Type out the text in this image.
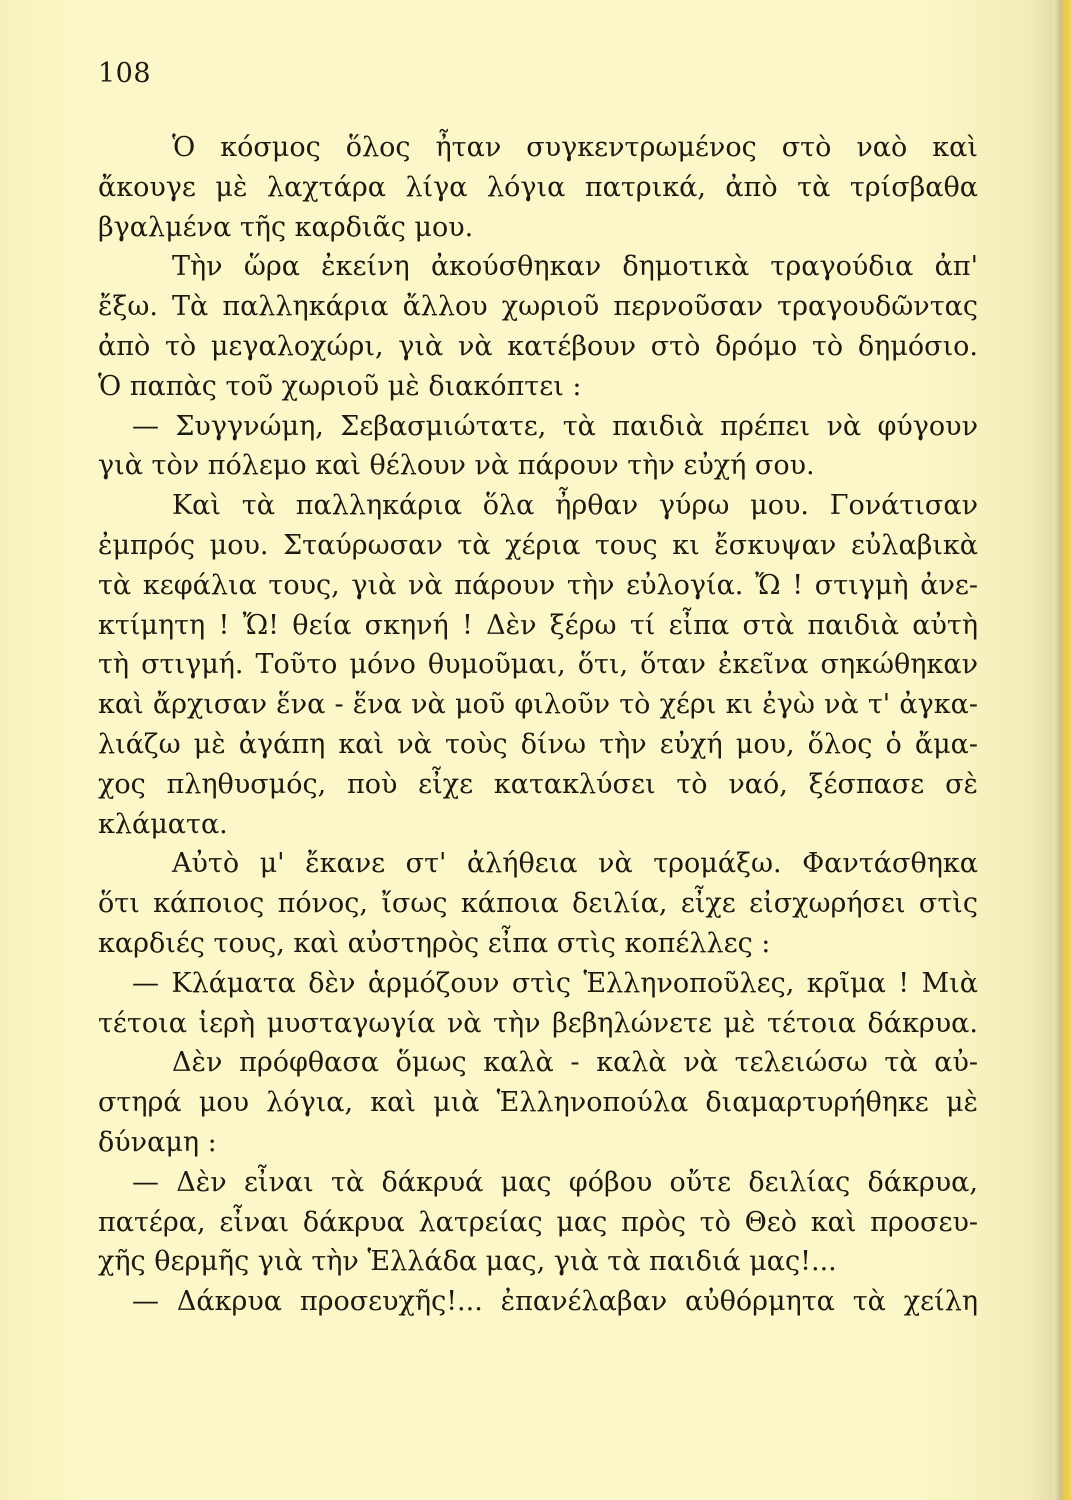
108
Ὁ κόσμος ὅλος ἦταν συγκεντρωμένος στὸ ναὸ καὶ
ἄκουγε μὲ λαχτάρα λίγα λόγια πατρικά, ἀπὸ τὰ τρίσβαθα
βγαλμένα τῆς καρδιᾶς μου.
Τὴν ὥρα ἐκείνη ἀκούσθηκαν δημοτικὰ τραγούδια ἀπ'
ἔξω. Τὰ παλληκάρια ἄλλου χωριοῦ περνοῦσαν τραγουδῶντας
ἀπὸ τὸ μεγαλοχώρι, γιὰ νὰ κατέβουν στὸ δρόμο τὸ δημόσιο.
Ὁ παπὰς τοῦ χωριοῦ μὲ διακόπτει :
— Συγγνώμη, Σεβασμιώτατε, τὰ παιδιὰ πρέπει νὰ φύγουν
γιὰ τὸν πόλεμο καὶ θέλουν νὰ πάρουν τὴν εὐχή σου.
Καὶ τὰ παλληκάρια ὅλα ἦρθαν γύρω μου. Γονάτισαν
ἐμπρός μου. Σταύρωσαν τὰ χέρια τους κι ἔσκυψαν εὐλαβικὰ
τὰ κεφάλια τους, γιὰ νὰ πάρουν τὴν εὐλογία. Ὤ ! στιγμὴ ἀνε-
κτίμητη ! Ὤ! θεία σκηνή ! Δὲν ξέρω τί εἶπα στὰ παιδιὰ αὐτὴ
τὴ στιγμή. Τοῦτο μόνο θυμοῦμαι, ὅτι, ὅταν ἐκεῖνα σηκώθηκαν
καὶ ἄρχισαν ἕνα - ἕνα νὰ μοῦ φιλοῦν τὸ χέρι κι ἐγὼ νὰ τ' ἀγκα-
λιάζω μὲ ἀγάπη καὶ νὰ τοὺς δίνω τὴν εὐχή μου, ὅλος ὁ ἄμα-
χος πληθυσμός, ποὺ εἶχε κατακλύσει τὸ ναό, ξέσπασε σὲ
κλάματα.
Αὐτὸ μ' ἔκανε στ' ἀλήθεια νὰ τρομάξω. Φαντάσθηκα
ὅτι κάποιος πόνος, ἴσως κάποια δειλία, εἶχε εἰσχωρήσει στὶς
καρδιές τους, καὶ αὐστηρὸς εἶπα στὶς κοπέλλες :
— Κλάματα δὲν ἁρμόζουν στὶς Ἑλληνοποῦλες, κρῖμα ! Μιὰ
τέτοια ἱερὴ μυσταγωγία νὰ τὴν βεβηλώνετε μὲ τέτοια δάκρυα.
Δὲν πρόφθασα ὅμως καλὰ - καλὰ νὰ τελειώσω τὰ αὐ-
στηρά μου λόγια, καὶ μιὰ Ἑλληνοπούλα διαμαρτυρήθηκε μὲ
δύναμη :
— Δὲν εἶναι τὰ δάκρυά μας φόβου οὔτε δειλίας δάκρυα,
πατέρα, εἶναι δάκρυα λατρείας μας πρὸς τὸ Θεὸ καὶ προσευ-
χῆς θερμῆς γιὰ τὴν Ἑλλάδα μας, γιὰ τὰ παιδιά μας!...
— Δάκρυα προσευχῆς!... ἐπανέλαβαν αὐθόρμητα τὰ χείλη
